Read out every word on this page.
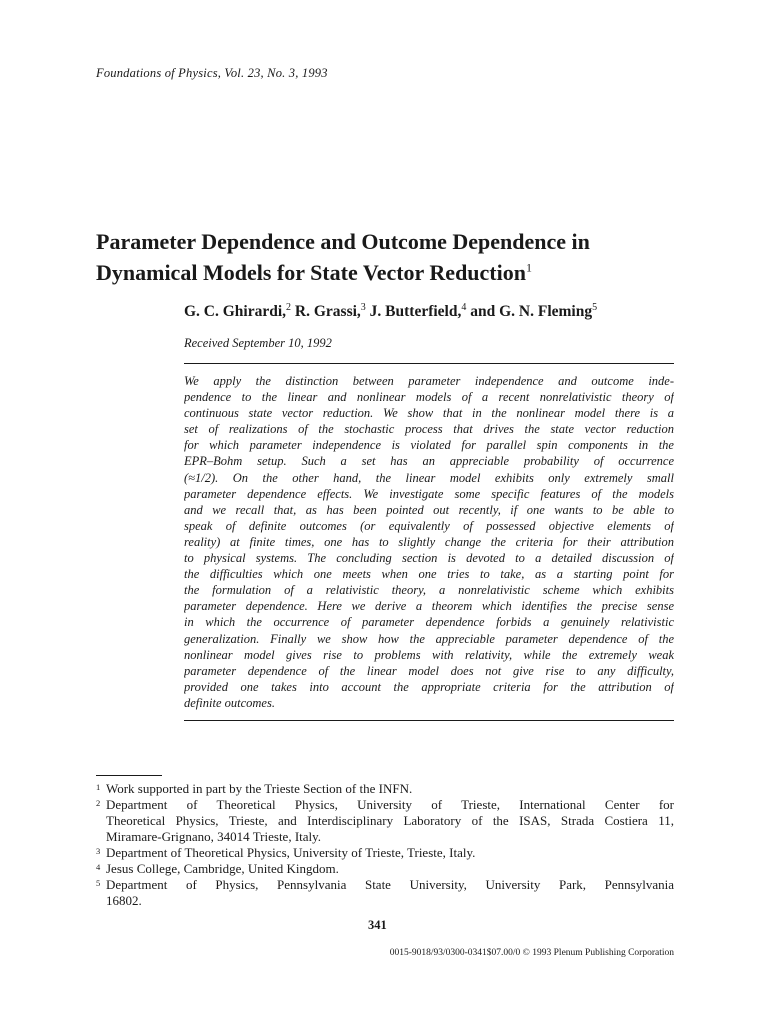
Foundations of Physics, Vol. 23, No. 3, 1993
Parameter Dependence and Outcome Dependence in
Dynamical Models for State Vector Reduction$^1$
G. C. Ghirardi,$^2$ R. Grassi,$^3$ J. Butterfield,$^4$ and G. N. Fleming$^5$
Received September 10, 1992
We apply the distinction between parameter independence and outcome inde-
pendence to the linear and nonlinear models of a recent nonrelativistic theory of
continuous state vector reduction. We show that in the nonlinear model there is a
set of realizations of the stochastic process that drives the state vector reduction
for which parameter independence is violated for parallel spin components in the
EPR–Bohm setup. Such a set has an appreciable probability of occurrence
(≈1/2). On the other hand, the linear model exhibits only extremely small
parameter dependence effects. We investigate some specific features of the models
and we recall that, as has been pointed out recently, if one wants to be able to
speak of definite outcomes (or equivalently of possessed objective elements of
reality) at finite times, one has to slightly change the criteria for their attribution
to physical systems. The concluding section is devoted to a detailed discussion of
the difficulties which one meets when one tries to take, as a starting point for
the formulation of a relativistic theory, a nonrelativistic scheme which exhibits
parameter dependence. Here we derive a theorem which identifies the precise sense
in which the occurrence of parameter dependence forbids a genuinely relativistic
generalization. Finally we show how the appreciable parameter dependence of the
nonlinear model gives rise to problems with relativity, while the extremely weak
parameter dependence of the linear model does not give rise to any difficulty,
provided one takes into account the appropriate criteria for the attribution of
definite outcomes.
1 Work supported in part by the Trieste Section of the INFN.
2 Department of Theoretical Physics, University of Trieste, International Center for
Theoretical Physics, Trieste, and Interdisciplinary Laboratory of the ISAS, Strada Costiera 11,
Miramare-Grignano, 34014 Trieste, Italy.
3 Department of Theoretical Physics, University of Trieste, Trieste, Italy.
4 Jesus College, Cambridge, United Kingdom.
5 Department of Physics, Pennsylvania State University, University Park, Pennsylvania
16802.
341
0015-9018/93/0300-0341$07.00/0 © 1993 Plenum Publishing Corporation
